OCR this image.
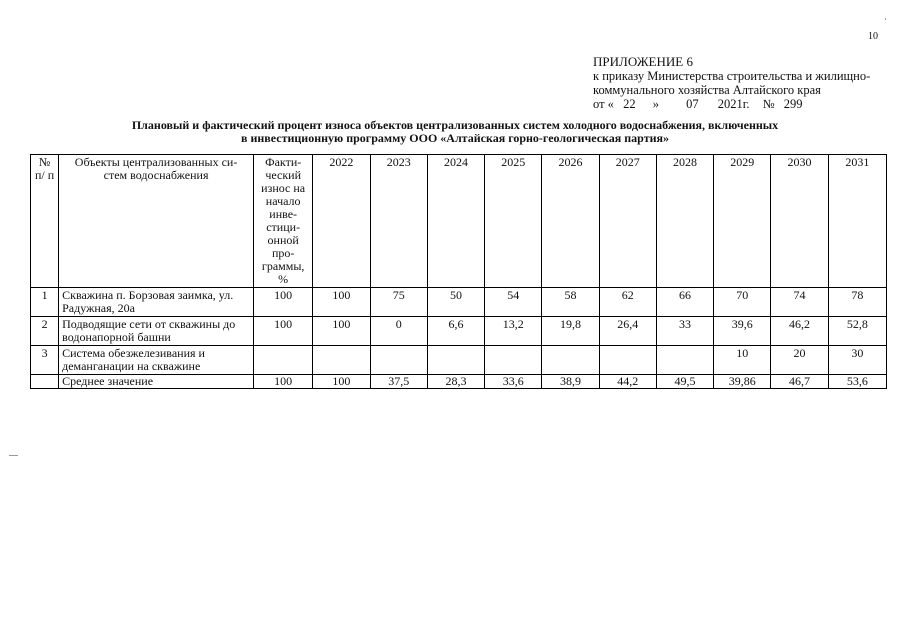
10
ПРИЛОЖЕНИЕ 6
к приказу Министерства строительства и жилищно-
коммунального хозяйства Алтайского края
от « 22 » 07 2021г. № 299
Плановый и фактический процент износа объектов централизованных систем холодного водоснабжения, включенных
в инвестиционную программу ООО «Алтайская горно-геологическая партия»
№ п/ п	Объекты централизованных си- стем водоснабжения	Факти- ческий износ на начало инве- стици- онной про- граммы, %	2022	2023	2024	2025	2026	2027	2028	2029	2030	2031
1	Скважина п. Борзовая заимка, ул. Радужная, 20а	100	100	75	50	54	58	62	66	70	74	78
2	Подводящие сети от скважины до водонапорной башни	100	100	0	6,6	13,2	19,8	26,4	33	39,6	46,2	52,8
3	Система обезжелезивания и деманганации на скважине									10	20	30
	Среднее значение	100	100	37,5	28,3	33,6	38,9	44,2	49,5	39,86	46,7	53,6
